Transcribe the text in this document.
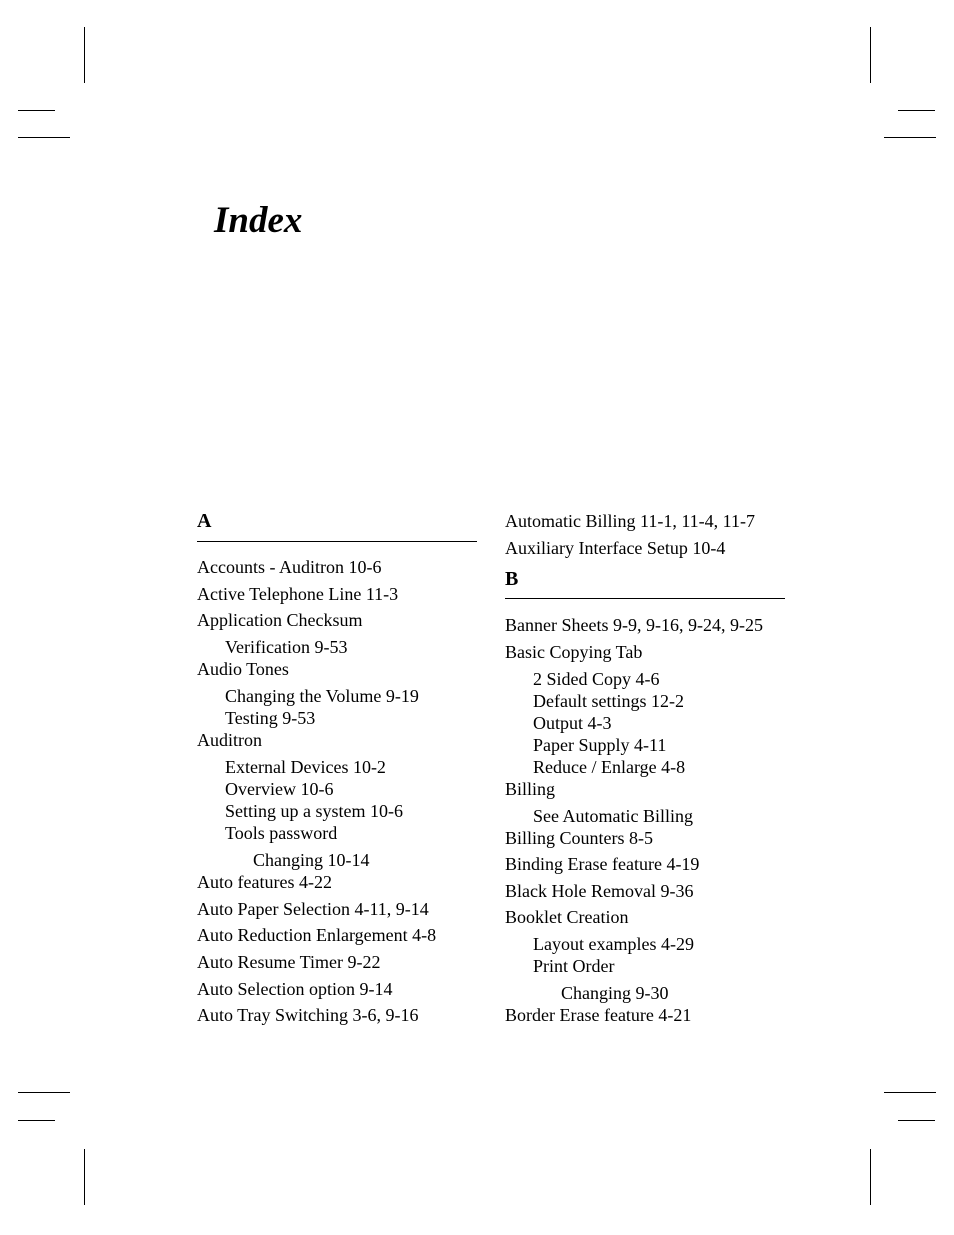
Index
A
Accounts - Auditron 10-6
Active Telephone Line 11-3
Application Checksum
Verification 9-53
Audio Tones
Changing the Volume 9-19
Testing 9-53
Auditron
External Devices 10-2
Overview 10-6
Setting up a system 10-6
Tools password
Changing 10-14
Auto features 4-22
Auto Paper Selection 4-11, 9-14
Auto Reduction Enlargement 4-8
Auto Resume Timer 9-22
Auto Selection option 9-14
Auto Tray Switching 3-6, 9-16
Automatic Billing 11-1, 11-4, 11-7
Auxiliary Interface Setup 10-4
B
Banner Sheets 9-9, 9-16, 9-24, 9-25
Basic Copying Tab
2 Sided Copy 4-6
Default settings 12-2
Output 4-3
Paper Supply 4-11
Reduce / Enlarge 4-8
Billing
See Automatic Billing
Billing Counters 8-5
Binding Erase feature 4-19
Black Hole Removal 9-36
Booklet Creation
Layout examples 4-29
Print Order
Changing 9-30
Border Erase feature 4-21
